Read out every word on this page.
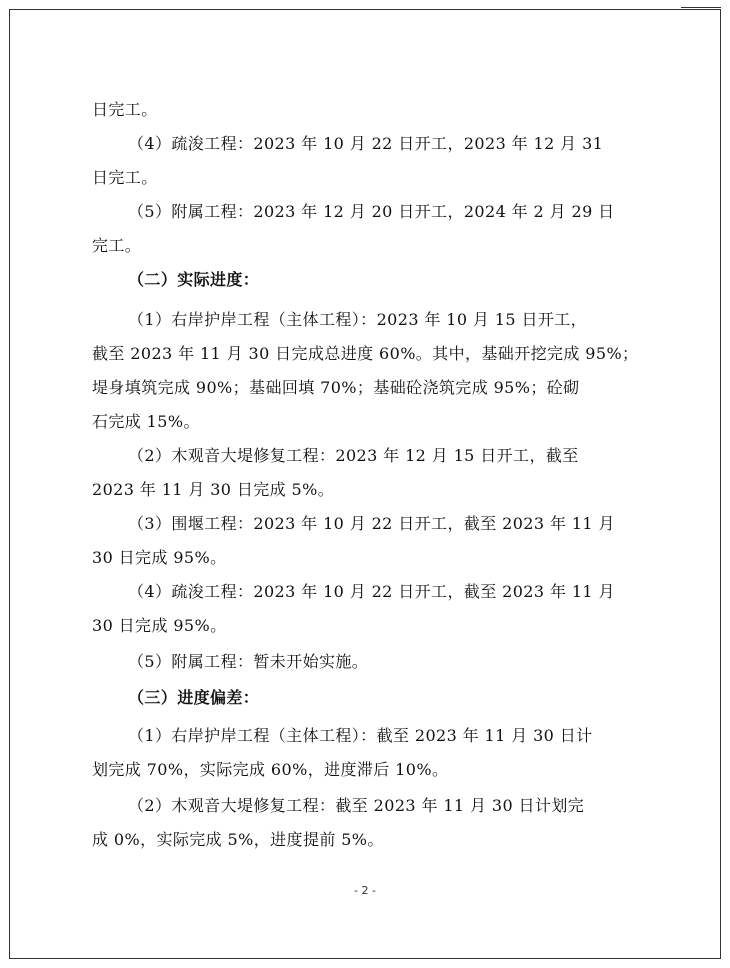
日完工。
（4）疏浚工程：2023 年 10 月 22 日开工，2023 年 12 月 31
日完工。
（5）附属工程：2023 年 12 月 20 日开工，2024 年 2 月 29 日
完工。
（二）实际进度：
（1）右岸护岸工程（主体工程）：2023 年 10 月 15 日开工，
截至 2023 年 11 月 30 日完成总进度 60%。其中，基础开挖完成 95%；
堤身填筑完成 90%；基础回填 70%；基础砼浇筑完成 95%；砼砌
石完成 15%。
（2）木观音大堤修复工程：2023 年 12 月 15 日开工，截至
2023 年 11 月 30 日完成 5%。
（3）围堰工程：2023 年 10 月 22 日开工，截至 2023 年 11 月
30 日完成 95%。
（4）疏浚工程：2023 年 10 月 22 日开工，截至 2023 年 11 月
30 日完成 95%。
（5）附属工程：暂未开始实施。
（三）进度偏差：
（1）右岸护岸工程（主体工程）：截至 2023 年 11 月 30 日计
划完成 70%，实际完成 60%，进度滞后 10%。
（2）木观音大堤修复工程：截至 2023 年 11 月 30 日计划完
成 0%，实际完成 5%，进度提前 5%。
- 2 -
